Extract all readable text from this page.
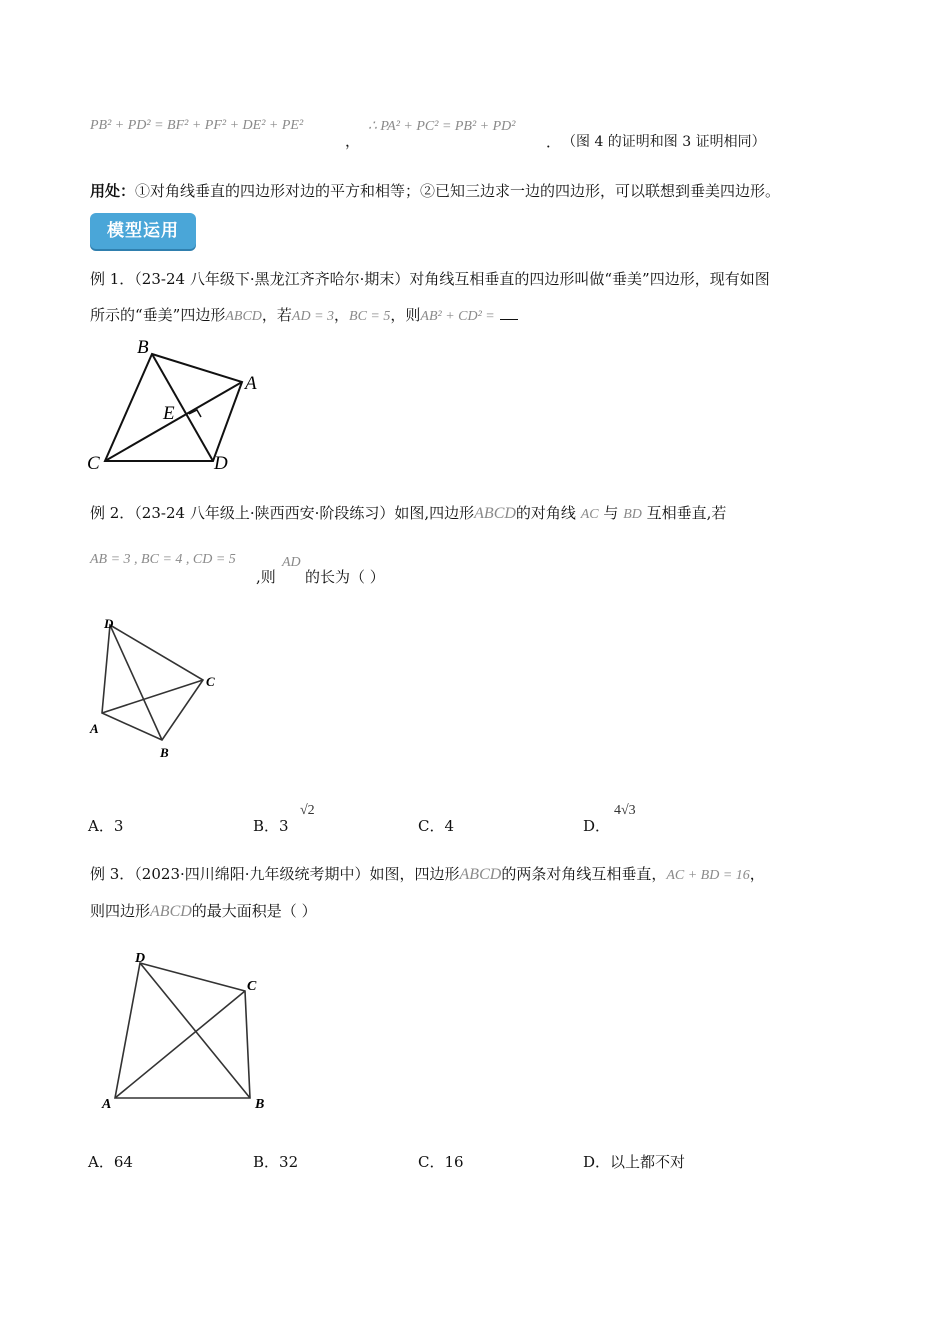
PB² + PD² = BF² + PF² + DE² + PE²
，
∴ PA² + PC² = PB² + PD²
． （图 4 的证明和图 3 证明相同）
用处：①对角线垂直的四边形对边的平方和相等；②已知三边求一边的四边形，可以联想到垂美四边形。
模型运用
例 1．（23-24 八年级下·黑龙江齐齐哈尔·期末）对角线互相垂直的四边形叫做“垂美”四边形，现有如图
所示的“垂美”四边形ABCD，若AD = 3，BC = 5，则AB² + CD² =
B
A
E
C	D
例 2．（23-24 八年级上·陕西西安·阶段练习）如图,四边形ABCD的对角线 AC 与 BD 互相垂直,若
AB = 3 , BC = 4 , CD = 5
,则
AD
的长为（ ）
D
C
A
B
A．3	B．3
√2
C．4	D．
4√3
例 3．（2023·四川绵阳·九年级统考期中）如图，四边形ABCD的两条对角线互相垂直，AC + BD = 16，
则四边形ABCD的最大面积是（ ）
D
C
A	B
A．64	B．32	C．16	D．以上都不对
